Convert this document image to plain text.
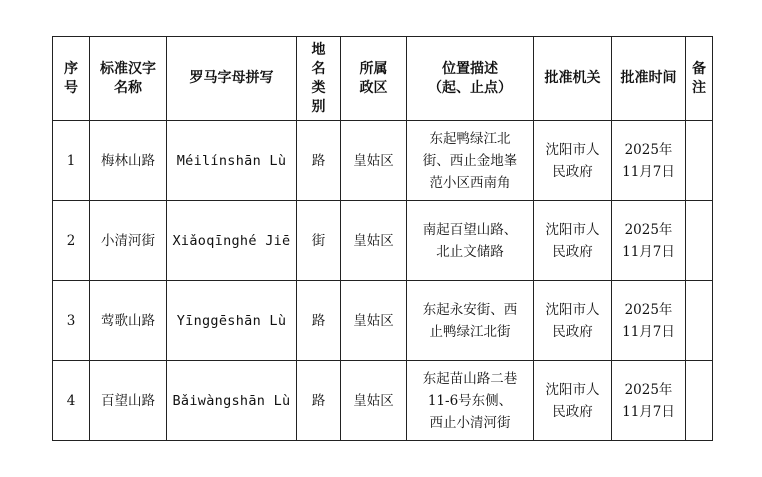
序号	标准汉字名称	罗马字母拼写	地名类别	所属政区	位置描述（起、止点）	批准机关	批准时间	备注

1	梅林山路	Méilínshān Lù	路	皇姑区	东起鸭绿江北街、西止金地峯范小区西南角	沈阳市人民政府	2025年11月7日	
2	小清河街	Xiǎoqīnghé Jiē	街	皇姑区	南起百望山路、北止文储路	沈阳市人民政府	2025年11月7日	
3	莺歌山路	Yīnggēshān Lù	路	皇姑区	东起永安街、西止鸭绿江北街	沈阳市人民政府	2025年11月7日	
4	百望山路	Bǎiwàngshān Lù	路	皇姑区	东起苗山路二巷11-6号东侧、西止小清河街	沈阳市人民政府	2025年11月7日	
